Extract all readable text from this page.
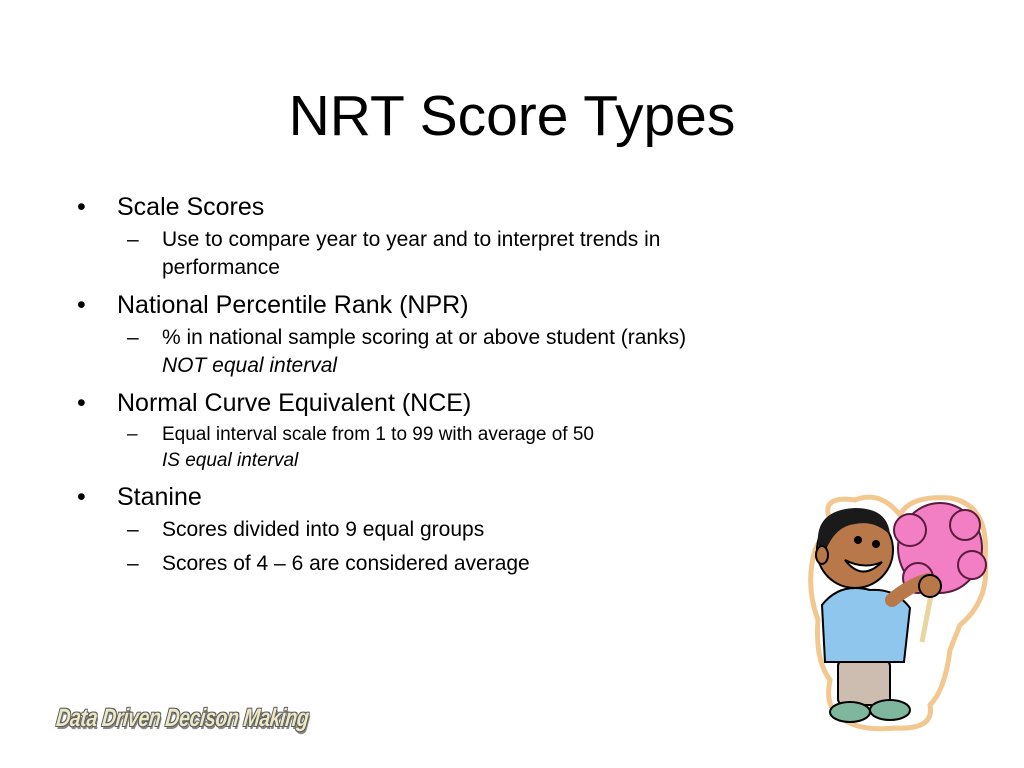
NRT Score Types
•	Scale Scores
– Use to compare year to year and to interpret trends in
performance
•	National Percentile Rank (NPR)
– % in national sample scoring at or above student (ranks)
NOT equal interval
•	Normal Curve Equivalent (NCE)
– Equal interval scale from 1 to 99 with average of 50
IS equal interval
•	Stanine
– Scores divided into 9 equal groups
– Scores of 4 – 6 are considered average
Data Driven Decison Making
